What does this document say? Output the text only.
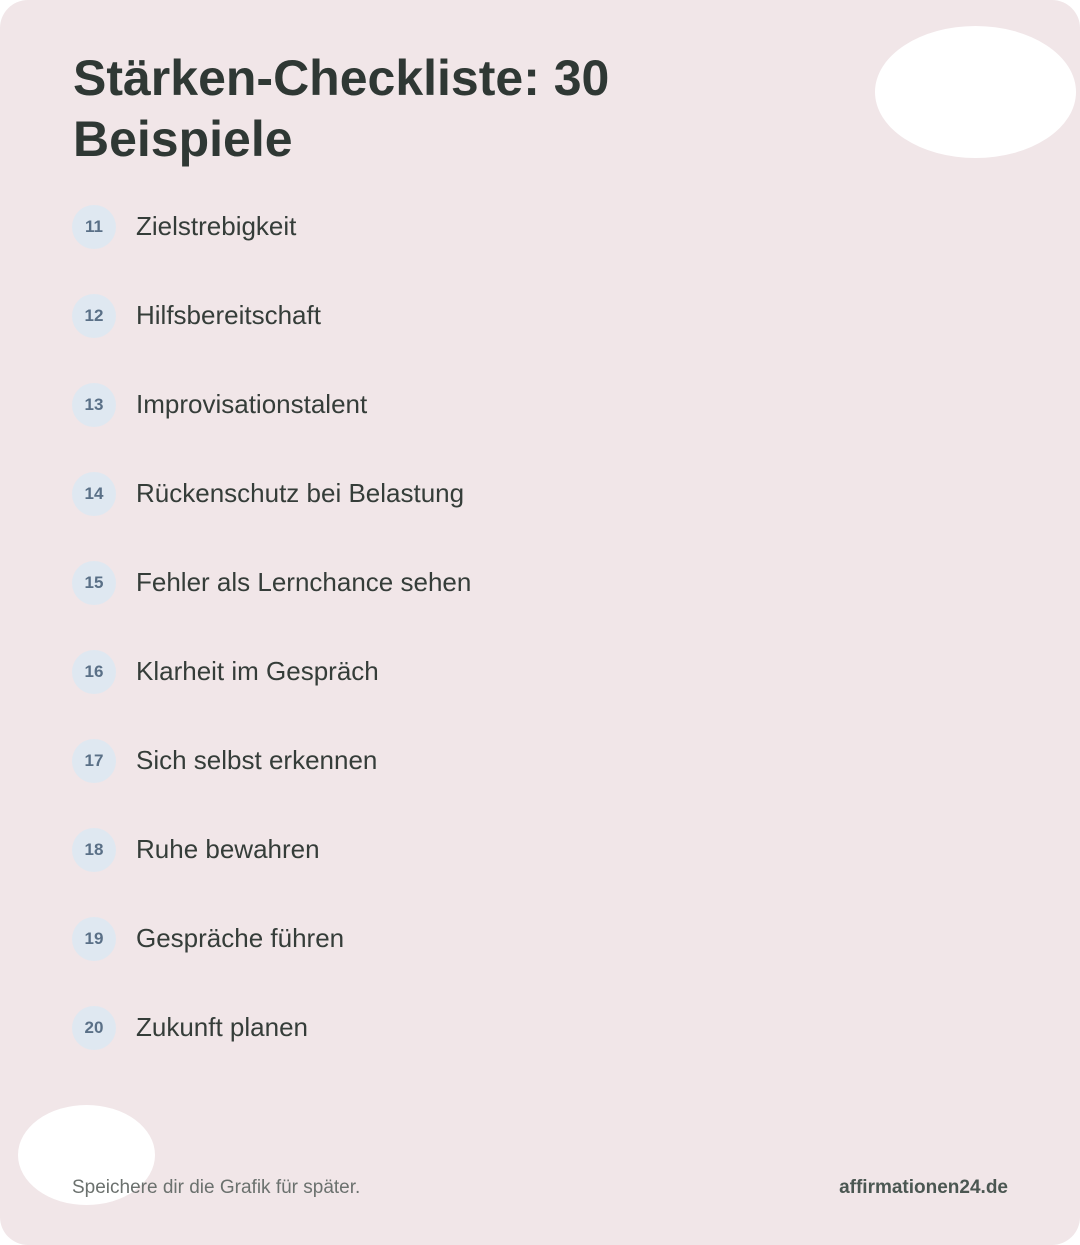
Stärken-Checkliste: 30 Beispiele
11	Zielstrebigkeit
12	Hilfsbereitschaft
13	Improvisationstalent
14	Rückenschutz bei Belastung
15	Fehler als Lernchance sehen
16	Klarheit im Gespräch
17	Sich selbst erkennen
18	Ruhe bewahren
19	Gespräche führen
20	Zukunft planen
Speichere dir die Grafik für später.	affirmationen24.de
